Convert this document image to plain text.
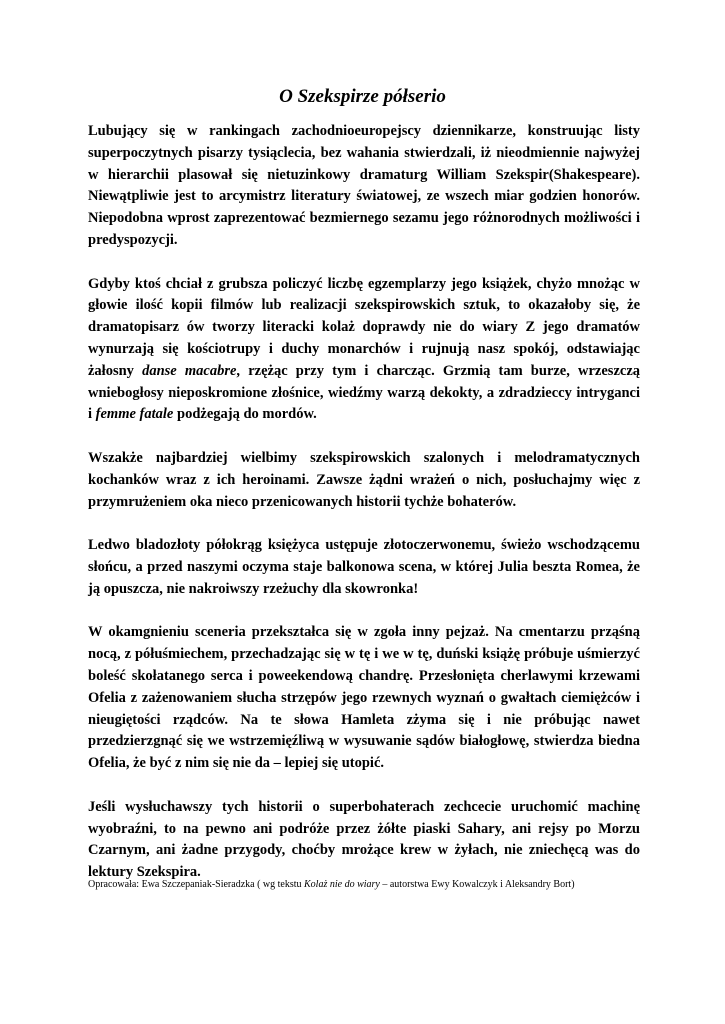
O Szekspirze półserio

Lubujący się w rankingach zachodnioeuropejscy dziennikarze, konstruując listy superpoczytnych pisarzy tysiąclecia, bez wahania stwierdzali, iż nieodmiennie najwyżej w hierarchii plasował się nietuzinkowy dramaturg William Szekspir(Shakespeare). Niewątpliwie jest to arcymistrz literatury światowej, ze wszech miar godzien honorów. Niepodobna wprost zaprezentować bezmiernego sezamu jego różnorodnych możliwości i predyspozycji.

Gdyby ktoś chciał z grubsza policzyć liczbę egzemplarzy jego książek, chyżo mnożąc w głowie ilość kopii filmów lub realizacji szekspirowskich sztuk, to okazałoby się, że dramatopisarz ów tworzy literacki kolaż doprawdy nie do wiary Z jego dramatów wynurzają się kościotrupy i duchy monarchów i rujnują nasz spokój, odstawiając żałosny danse macabre, rzężąc przy tym i charcząc. Grzmią tam burze, wrzeszczą wniebogłosy nieposkromione złośnice, wiedźmy warzą dekokty, a zdradzieccy intryganci i femme fatale podżegają do mordów.

Wszakże najbardziej wielbimy szekspirowskich szalonych i melodramatycznych kochanków wraz z ich heroinami. Zawsze żądni wrażeń o nich, posłuchajmy więc z przymrużeniem oka nieco przenicowanych historii tychże bohaterów.

Ledwo bladozłoty półokrąg księżyca ustępuje złotoczerwonemu, świeżo wschodzącemu słońcu, a przed naszymi oczyma staje balkonowa scena, w której Julia beszta Romea, że ją opuszcza, nie nakroiwszy rzeżuchy dla skowronka!

W okamgnieniu sceneria przekształca się w zgoła inny pejzaż. Na cmentarzu prząśną nocą, z półuśmiechem, przechadzając się w tę i we w tę, duński książę próbuje uśmierzyć boleść skołatanego serca i poweekendową chandrę. Przesłonięta cherlawymi krzewami Ofelia z zażenowaniem słucha strzępów jego rzewnych wyznań o gwałtach ciemiężców i nieugiętości rządców. Na te słowa Hamleta zżyma się i nie próbując nawet przedzierzgnąć się we wstrzemięźliwą w wysuwanie sądów białogłowę, stwierdza biedna Ofelia, że być z nim się nie da – lepiej się utopić.

Jeśli wysłuchawszy tych historii o superbohaterach zechcecie uruchomić machinę wyobraźni, to na pewno ani podróże przez żółte piaski Sahary, ani rejsy po Morzu Czarnym, ani żadne przygody, choćby mrożące krew w żyłach, nie zniechęcą was do lektury Szekspira.

Opracowała: Ewa Szczepaniak-Sieradzka ( wg tekstu Kolaż nie do wiary – autorstwa Ewy Kowalczyk i Aleksandry Bort)
